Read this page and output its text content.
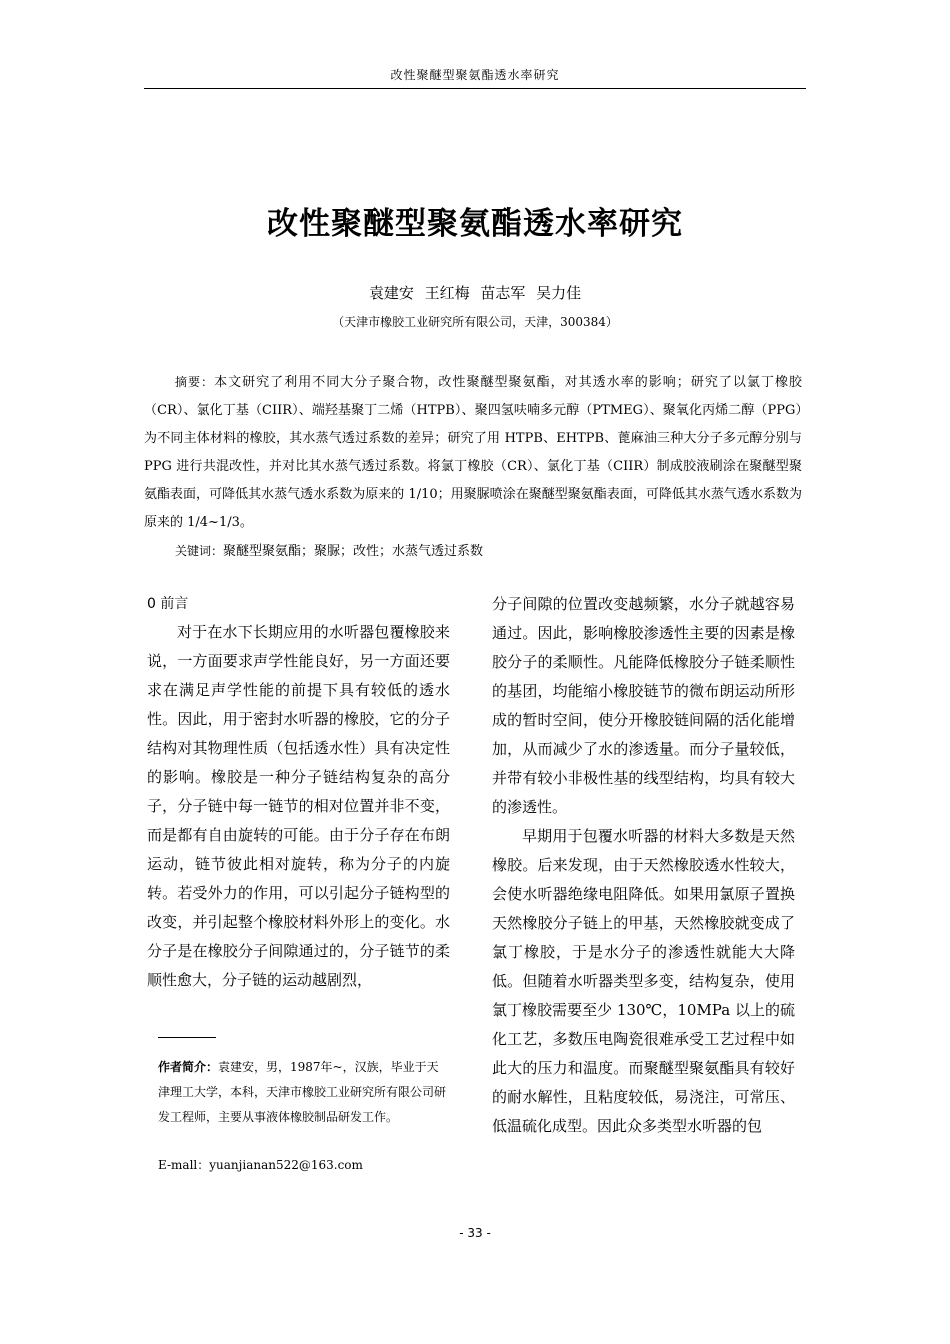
改性聚醚型聚氨酯透水率研究
改性聚醚型聚氨酯透水率研究
袁建安 王红梅 苗志军 吴力佳
（天津市橡胶工业研究所有限公司，天津，300384）

摘要：本文研究了利用不同大分子聚合物，改性聚醚型聚氨酯，对其透水率的影响；研究了以氯丁橡胶（CR）、氯化丁基（CIIR）、端羟基聚丁二烯（HTPB）、聚四氢呋喃多元醇（PTMEG）、聚氧化丙烯二醇（PPG）为不同主体材料的橡胶，其水蒸气透过系数的差异；研究了用 HTPB、EHTPB、蓖麻油三种大分子多元醇分别与 PPG 进行共混改性，并对比其水蒸气透过系数。将氯丁橡胶（CR）、氯化丁基（CIIR）制成胶液刷涂在聚醚型聚氨酯表面，可降低其水蒸气透水系数为原来的 1/10；用聚脲喷涂在聚醚型聚氨酯表面，可降低其水蒸气透水系数为原来的 1/4~1/3。

关键词：聚醚型聚氨酯；聚脲；改性；水蒸气透过系数

0 前言

对于在水下长期应用的水听器包覆橡胶来说，一方面要求声学性能良好，另一方面还要求在满足声学性能的前提下具有较低的透水性。因此，用于密封水听器的橡胶，它的分子结构对其物理性质（包括透水性）具有决定性的影响。橡胶是一种分子链结构复杂的高分子，分子链中每一链节的相对位置并非不变，而是都有自由旋转的可能。由于分子存在布朗运动，链节彼此相对旋转，称为分子的内旋转。若受外力的作用，可以引起分子链构型的改变，并引起整个橡胶材料外形上的变化。水分子是在橡胶分子间隙通过的，分子链节的柔顺性愈大，分子链的运动越剧烈，

分子间隙的位置改变越频繁，水分子就越容易通过。因此，影响橡胶渗透性主要的因素是橡胶分子的柔顺性。凡能降低橡胶分子链柔顺性的基团，均能缩小橡胶链节的微布朗运动所形成的暂时空间，使分开橡胶链间隔的活化能增加，从而减少了水的渗透量。而分子量较低，并带有较小非极性基的线型结构，均具有较大的渗透性。

早期用于包覆水听器的材料大多数是天然橡胶。后来发现，由于天然橡胶透水性较大，会使水听器绝缘电阻降低。如果用氯原子置换天然橡胶分子链上的甲基，天然橡胶就变成了氯丁橡胶，于是水分子的渗透性就能大大降低。但随着水听器类型多变，结构复杂，使用氯丁橡胶需要至少 130℃，10MPa 以上的硫化工艺，多数压电陶瓷很难承受工艺过程中如此大的压力和温度。而聚醚型聚氨酯具有较好的耐水解性，且粘度较低，易浇注，可常压、低温硫化成型。因此众多类型水听器的包

作者简介：袁建安，男，1987年~，汉族，毕业于天津理工大学，本科，天津市橡胶工业研究所有限公司研发工程师，主要从事液体橡胶制品研发工作。

E-mall：yuanjianan522@163.com
- 33 -
